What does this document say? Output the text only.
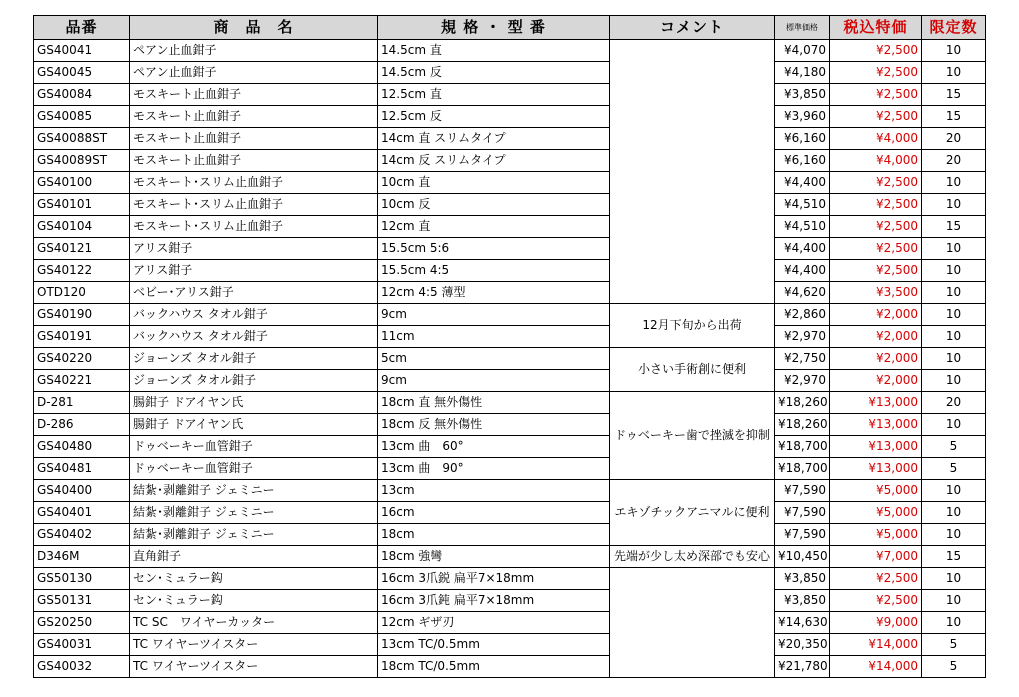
品番	商　品　名	規 格 ・ 型 番	コメント	標準価格	税込特価	限定数
GS40041	ペアン止血鉗子	14.5cm 直		¥4,070	¥2,500	10
GS40045	ペアン止血鉗子	14.5cm 反		¥4,180	¥2,500	10
GS40084	モスキート止血鉗子	12.5cm 直		¥3,850	¥2,500	15
GS40085	モスキート止血鉗子	12.5cm 反		¥3,960	¥2,500	15
GS40088ST	モスキート止血鉗子	14cm 直 スリムタイプ		¥6,160	¥4,000	20
GS40089ST	モスキート止血鉗子	14cm 反 スリムタイプ		¥6,160	¥4,000	20
GS40100	モスキート･スリム止血鉗子	10cm 直		¥4,400	¥2,500	10
GS40101	モスキート･スリム止血鉗子	10cm 反		¥4,510	¥2,500	10
GS40104	モスキート･スリム止血鉗子	12cm 直		¥4,510	¥2,500	15
GS40121	アリス鉗子	15.5cm 5:6		¥4,400	¥2,500	10
GS40122	アリス鉗子	15.5cm 4:5		¥4,400	¥2,500	10
OTD120	ベビー･アリス鉗子	12cm 4:5 薄型		¥4,620	¥3,500	10
GS40190	バックハウス タオル鉗子	9cm	12月下旬から出荷	¥2,860	¥2,000	10
GS40191	バックハウス タオル鉗子	11cm		¥2,970	¥2,000	10
GS40220	ジョーンズ タオル鉗子	5cm	小さい手術創に便利	¥2,750	¥2,000	10
GS40221	ジョーンズ タオル鉗子	9cm		¥2,970	¥2,000	10
D-281	腸鉗子 ドアイヤン氏	18cm 直 無外傷性	ドゥベーキー歯で挫滅を抑制	¥18,260	¥13,000	20
D-286	腸鉗子 ドアイヤン氏	18cm 反 無外傷性		¥18,260	¥13,000	10
GS40480	ドゥベーキー血管鉗子	13cm 曲　60°		¥18,700	¥13,000	5
GS40481	ドゥベーキー血管鉗子	13cm 曲　90°		¥18,700	¥13,000	5
GS40400	結紮･剥離鉗子 ジェミニー	13cm	エキゾチックアニマルに便利	¥7,590	¥5,000	10
GS40401	結紮･剥離鉗子 ジェミニー	16cm		¥7,590	¥5,000	10
GS40402	結紮･剥離鉗子 ジェミニー	18cm		¥7,590	¥5,000	10
D346M	直角鉗子	18cm 強彎	先端が少し太め深部でも安心	¥10,450	¥7,000	15
GS50130	セン･ミュラー鈎	16cm 3爪鋭 扁平7×18mm		¥3,850	¥2,500	10
GS50131	セン･ミュラー鈎	16cm 3爪鈍 扁平7×18mm		¥3,850	¥2,500	10
GS20250	TC SC　ワイヤーカッター	12cm ギザ刃		¥14,630	¥9,000	10
GS40031	TC ワイヤーツイスター	13cm TC/0.5mm		¥20,350	¥14,000	5
GS40032	TC ワイヤーツイスター	18cm TC/0.5mm		¥21,780	¥14,000	5
